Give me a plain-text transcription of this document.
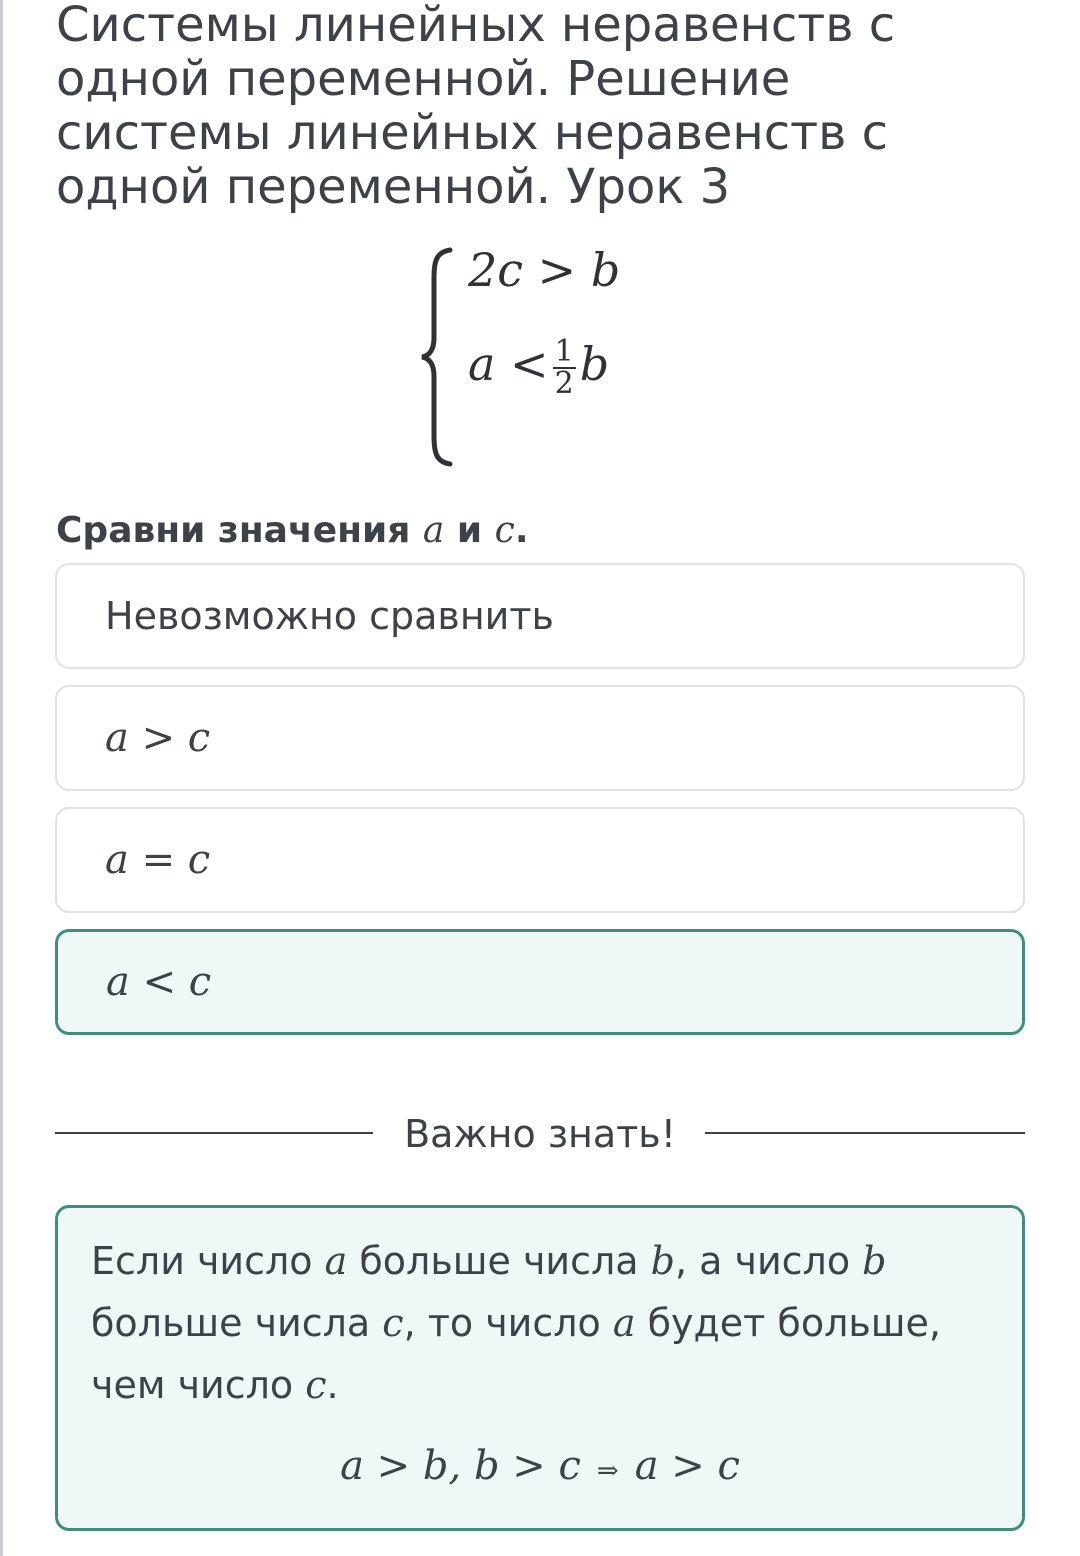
Системы линейных неравенств с одной переменной. Решение системы линейных неравенств с одной переменной. Урок 3
2c > b
$a < \frac{1}{2}$ b
Сравни значения a и c.
Невозможно сравнить
a > c
a = c
a < c
Важно знать!
Если число a больше числа b, а число b больше числа c, то число a будет больше, чем число c.
a > b, b > c ⇒ a > c
